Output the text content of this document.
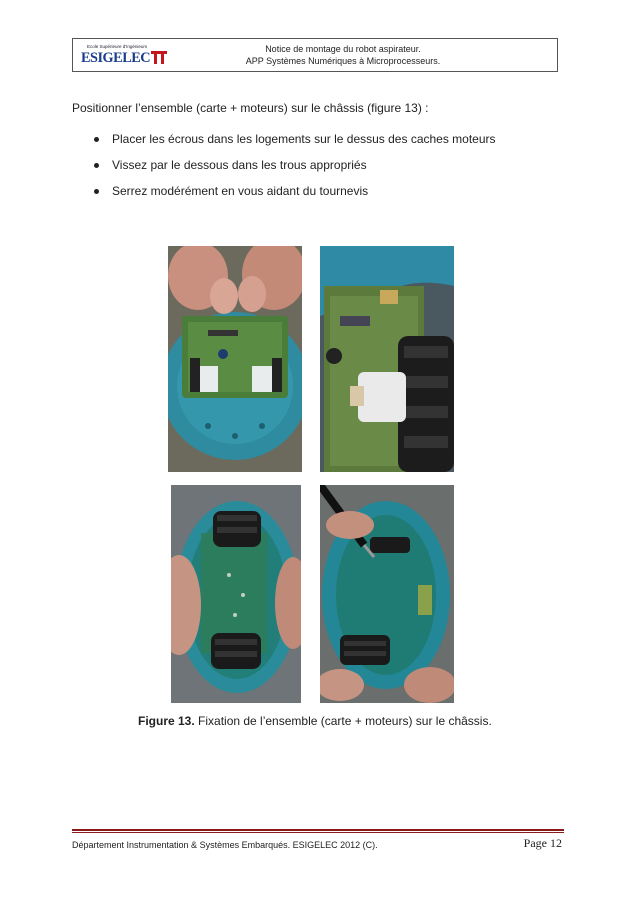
Ecole Supérieure d'Ingénieurs
ESIGELEC
Notice de montage du robot aspirateur.
APP Systèmes Numériques à Microprocesseurs.
Positionner l’ensemble (carte + moteurs) sur le châssis (figure 13) :
Placer les écrous dans les logements sur le dessus des caches moteurs
Vissez par le dessous dans les trous appropriés
Serrez modérément en vous aidant du tournevis
Figure 13. Fixation de l’ensemble (carte + moteurs) sur le châssis.
Département Instrumentation & Systèmes Embarqués. ESIGELEC 2012 (C).	Page 12
